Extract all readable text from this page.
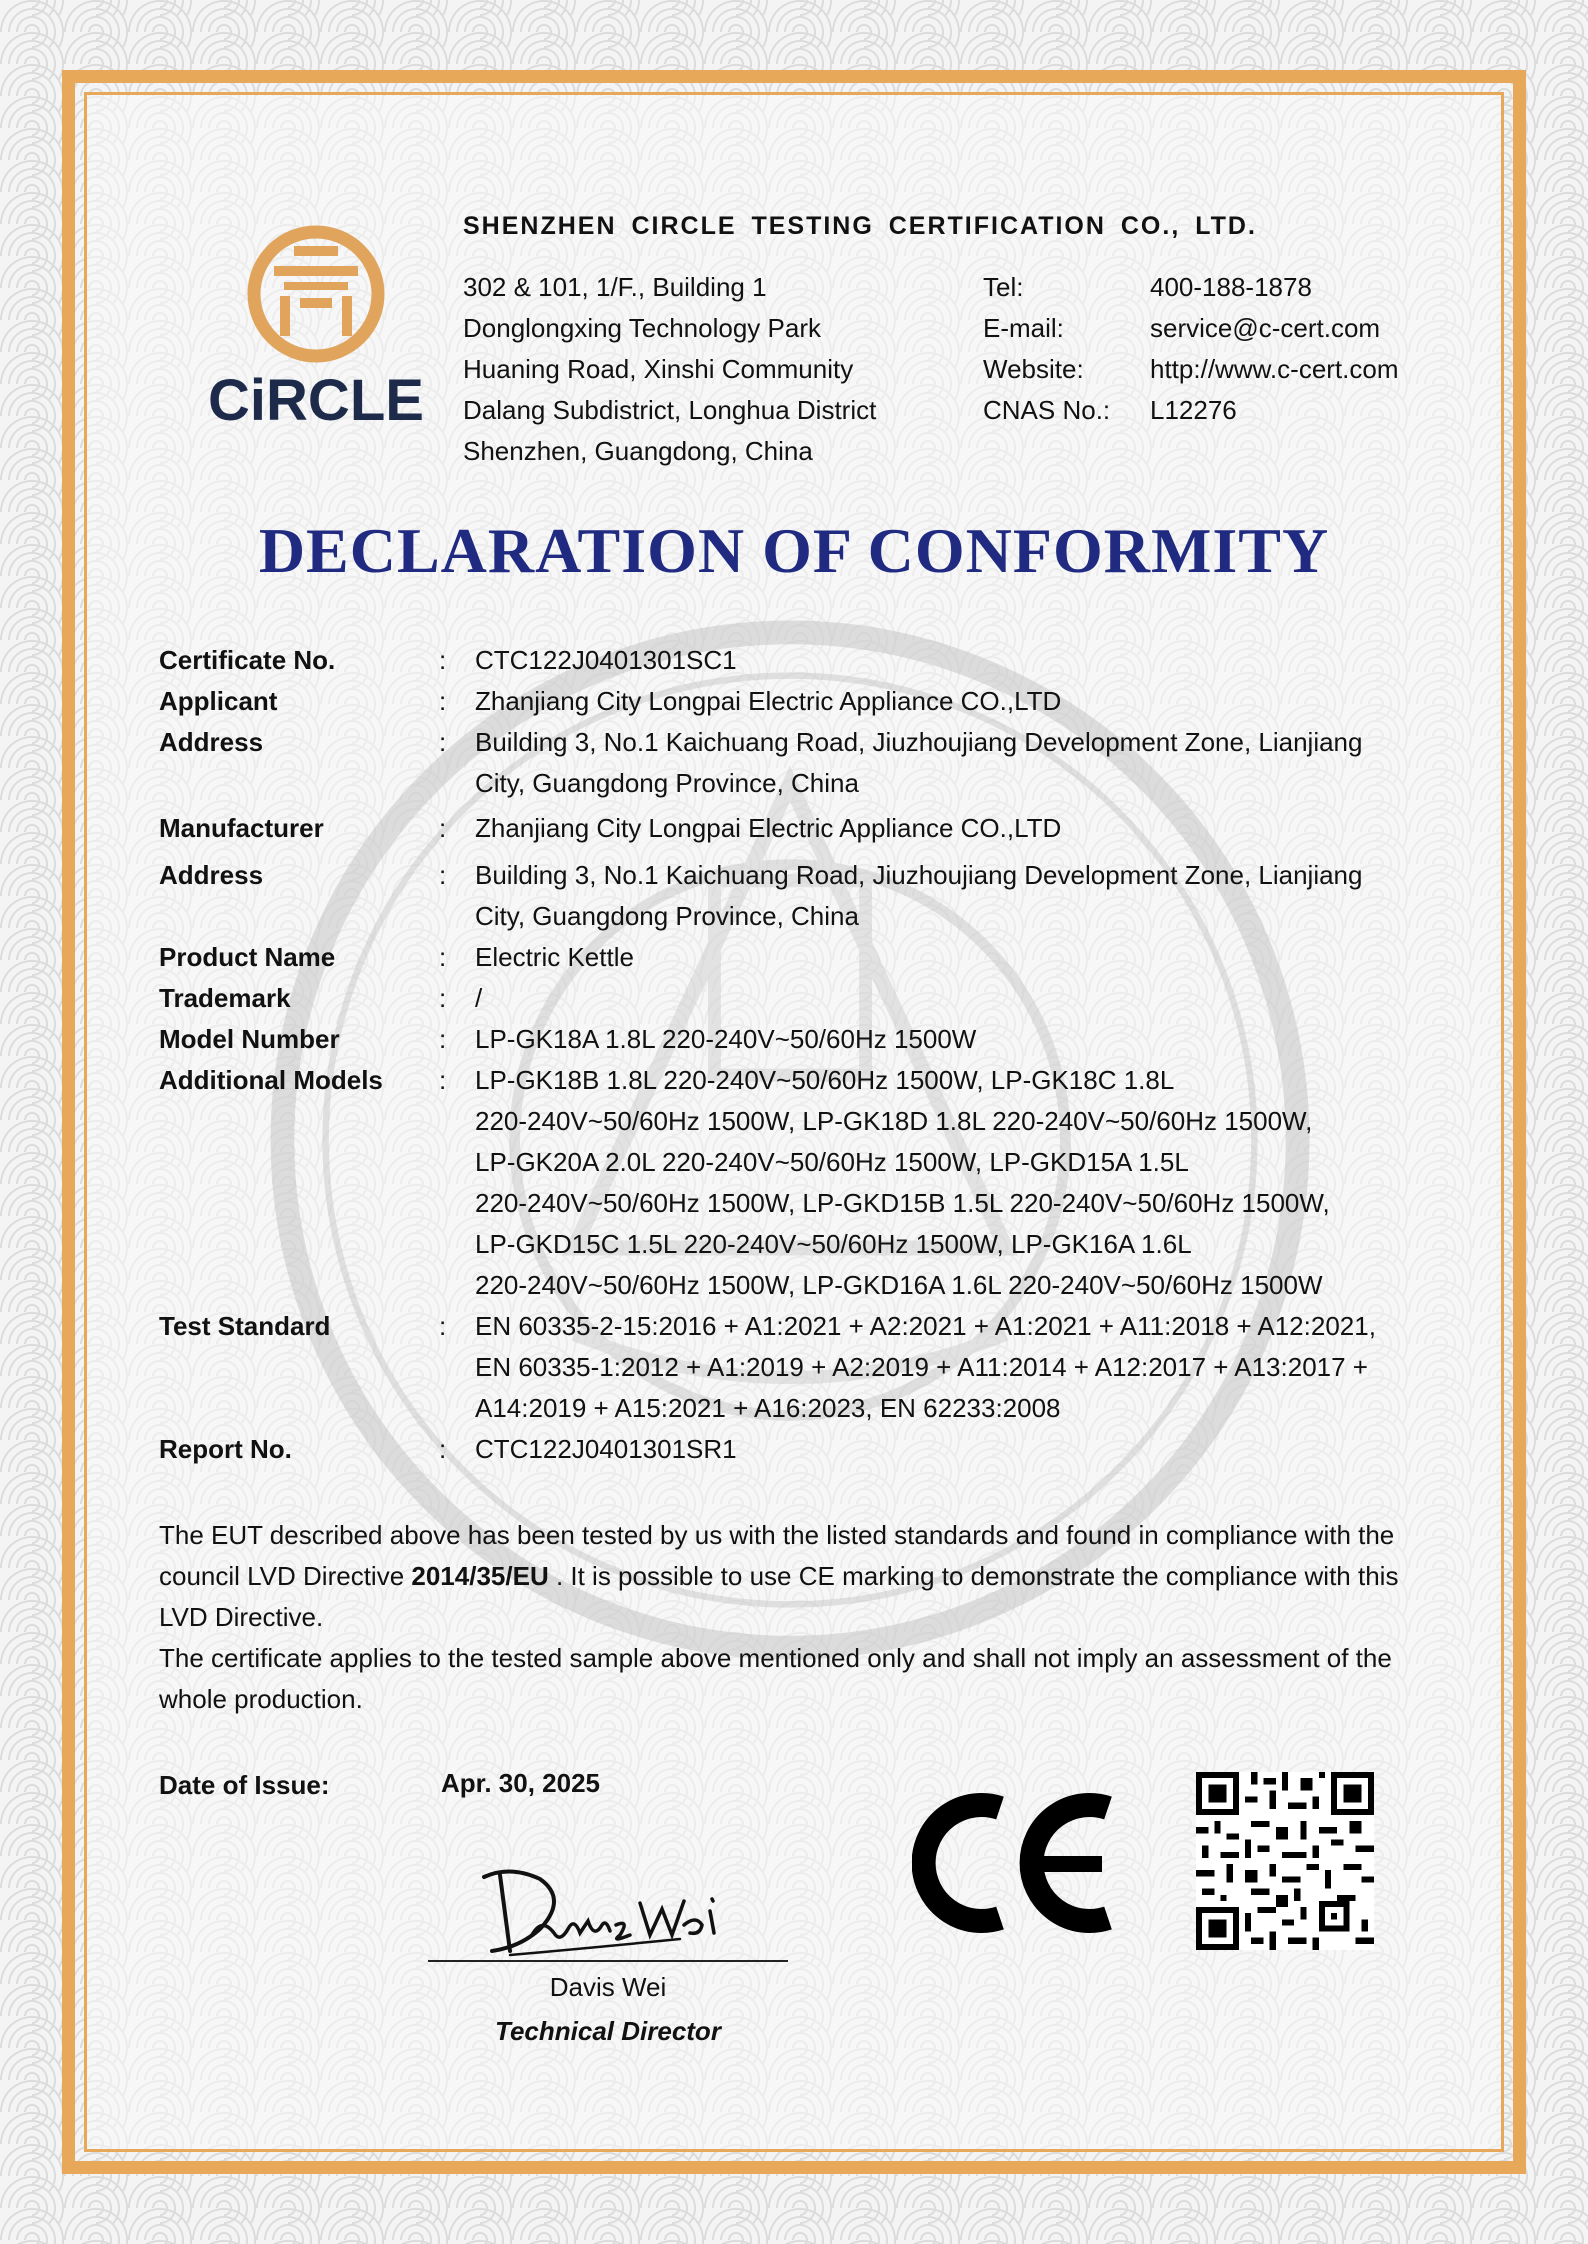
CiRCLE
SHENZHEN CIRCLE TESTING CERTIFICATION CO., LTD.
302 & 101, 1/F., Building 1
Donglongxing Technology Park
Huaning Road, Xinshi Community
Dalang Subdistrict, Longhua District
Shenzhen, Guangdong, China
Tel:	400-188-1878
E-mail:	service@c-cert.com
Website:	http://www.c-cert.com
CNAS No.:	L12276
DECLARATION OF CONFORMITY
Certificate No.	:	CTC122J0401301SC1
Applicant	:	Zhanjiang City Longpai Electric Appliance CO.,LTD
Address	:	Building 3, No.1 Kaichuang Road, Jiuzhoujiang Development Zone, Lianjiang
City, Guangdong Province, China
Manufacturer	:	Zhanjiang City Longpai Electric Appliance CO.,LTD
Address	:	Building 3, No.1 Kaichuang Road, Jiuzhoujiang Development Zone, Lianjiang
City, Guangdong Province, China
Product Name	:	Electric Kettle
Trademark	:	/
Model Number	:	LP-GK18A 1.8L 220-240V~50/60Hz 1500W
Additional Models	:	LP-GK18B 1.8L 220-240V~50/60Hz 1500W, LP-GK18C 1.8L
220-240V~50/60Hz 1500W, LP-GK18D 1.8L 220-240V~50/60Hz 1500W,
LP-GK20A 2.0L 220-240V~50/60Hz 1500W, LP-GKD15A 1.5L
220-240V~50/60Hz 1500W, LP-GKD15B 1.5L 220-240V~50/60Hz 1500W,
LP-GKD15C 1.5L 220-240V~50/60Hz 1500W, LP-GK16A 1.6L
220-240V~50/60Hz 1500W, LP-GKD16A 1.6L 220-240V~50/60Hz 1500W
Test Standard	:	EN 60335-2-15:2016 + A1:2021 + A2:2021 + A1:2021 + A11:2018 + A12:2021,
EN 60335-1:2012 + A1:2019 + A2:2019 + A11:2014 + A12:2017 + A13:2017 +
A14:2019 + A15:2021 + A16:2023, EN 62233:2008
Report No.	:	CTC122J0401301SR1

The EUT described above has been tested by us with the listed standards and found in compliance with the council LVD Directive 2014/35/EU . It is possible to use CE marking to demonstrate the compliance with this LVD Directive.

The certificate applies to the tested sample above mentioned only and shall not imply an assessment of the whole production.

Date of Issue:	Apr. 30, 2025
Davis Wei
Technical Director
